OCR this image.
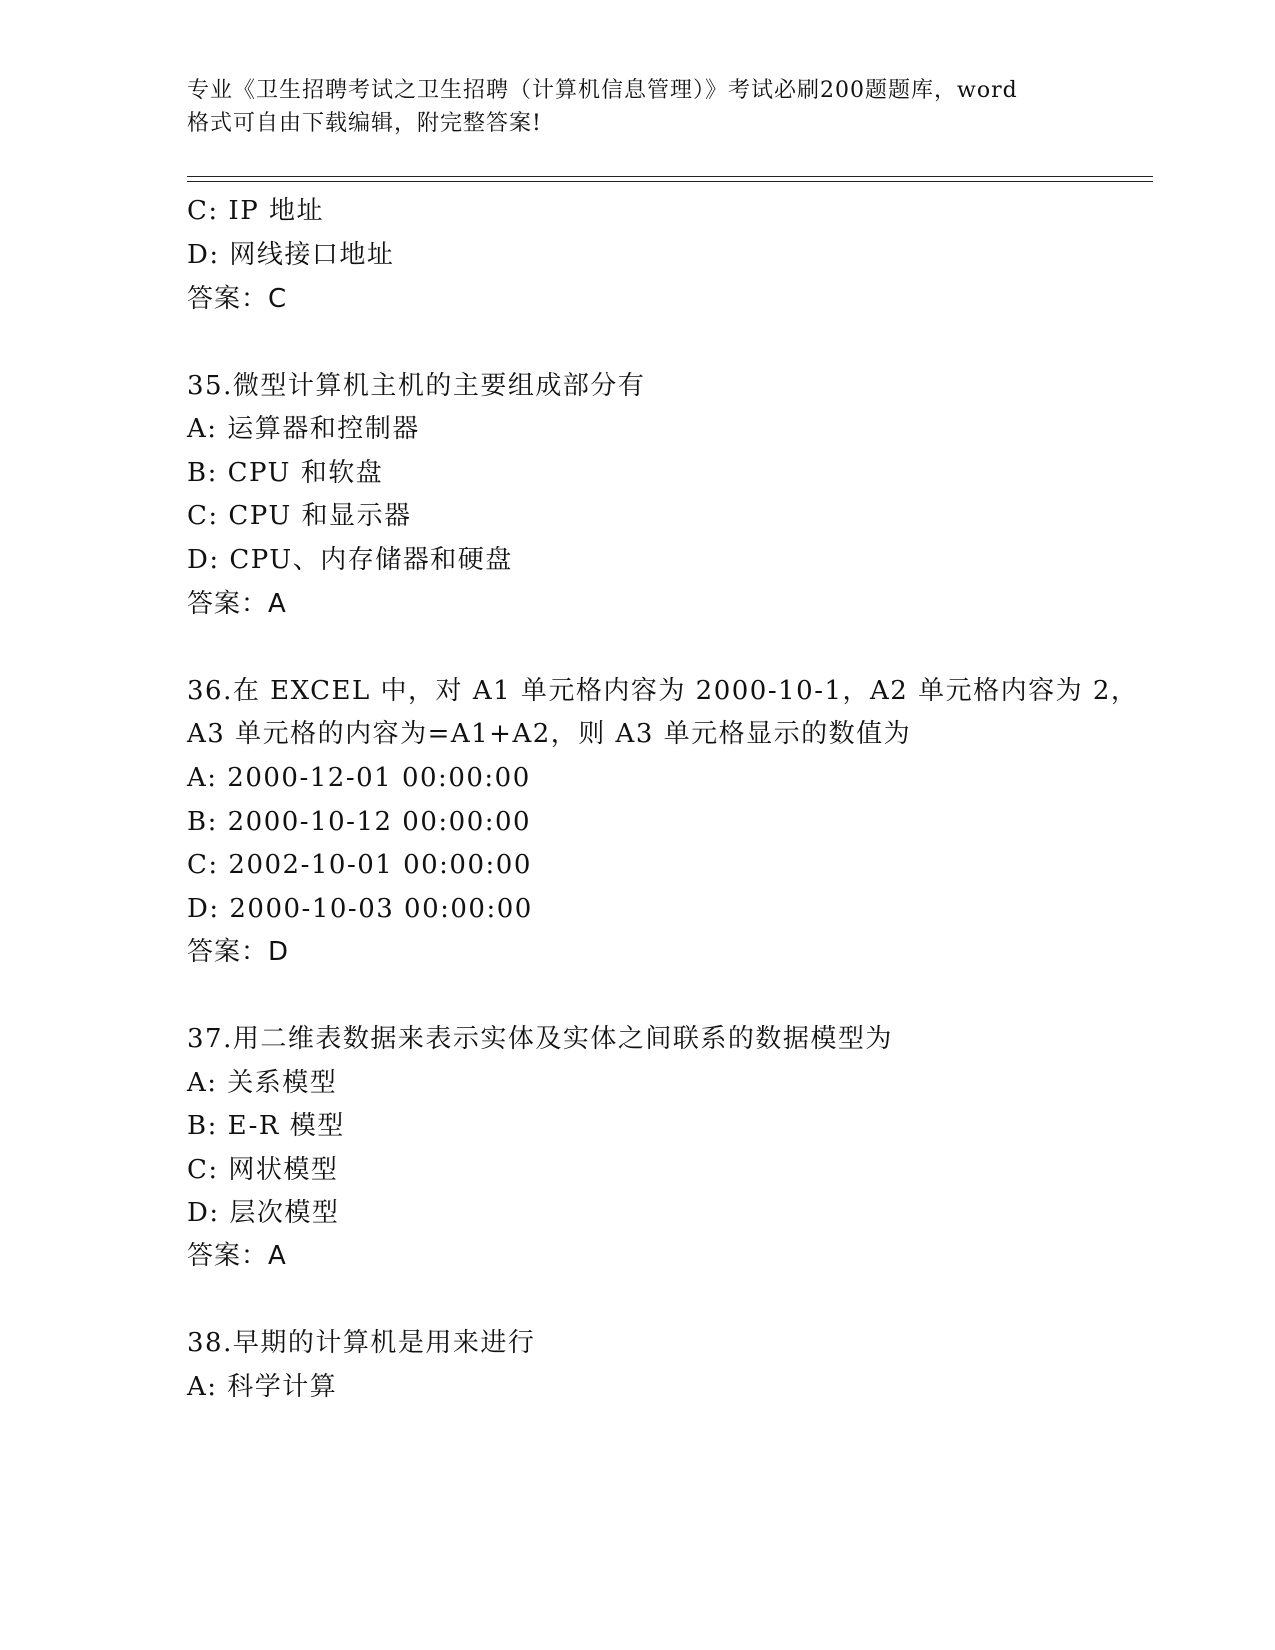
专业《卫生招聘考试之卫生招聘（计算机信息管理）》考试必刷200题题库，word
格式可自由下载编辑，附完整答案!
C: IP 地址
D: 网线接口地址
答案：C
35.微型计算机主机的主要组成部分有
A: 运算器和控制器
B: CPU 和软盘
C: CPU 和显示器
D: CPU、内存储器和硬盘
答案：A
36.在 EXCEL 中，对 A1 单元格内容为 2000-10-1，A2 单元格内容为 2，
A3 单元格的内容为=A1+A2，则 A3 单元格显示的数值为
A: 2000-12-01 00:00:00
B: 2000-10-12 00:00:00
C: 2002-10-01 00:00:00
D: 2000-10-03 00:00:00
答案：D
37.用二维表数据来表示实体及实体之间联系的数据模型为
A: 关系模型
B: E-R 模型
C: 网状模型
D: 层次模型
答案：A
38.早期的计算机是用来进行
A: 科学计算
